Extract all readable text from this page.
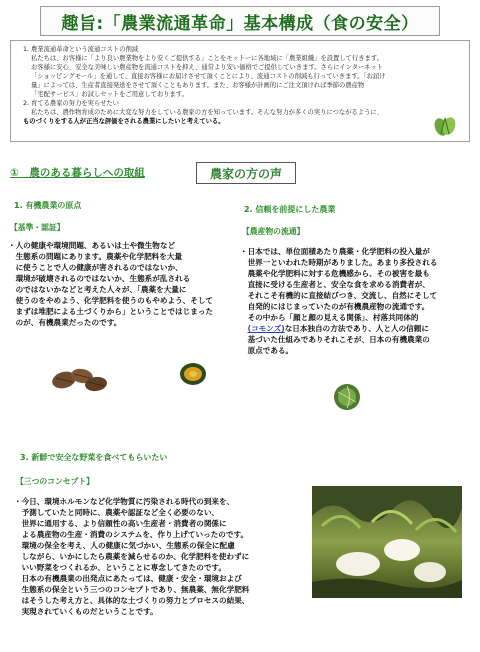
趣旨:「農業流通革命」基本構成（食の安全）

1. 農業流通革命という流通コストの削減

私たちは、お客様に「より良い農業物をより安くご提供する」ことをモットーに各地域に「農業組織」を設置して行きます。

お客様に安心、安全な美味しい農産物を流通コストを抑え、通常より安い価格でご提供していきます。さらにインターネット

「ショッピングモール」を通して、直接お客様にお届けさせて頂くことにより、流通コストの削減も行っていきます。「お届け

量」によっては、生産者直接発送をさせて頂くこともあります。また、お客様が計画的にご注文頂ければ季節の農産物

「宅配サービス」お試しセットをご用意しております。

2. 育てる農家の努力を実らせたい

私たちは、農作物育成のために大変な努力をしている農家の方を知っています。そんな努力が多くの実りにつながるように、

ものづくりをする人が正当な評価をされる農業にしたいと考えている。

①　農のある暮らしへの取組	農家の方の声
1. 有機農業の原点
【基準・認証】
・人の健康や環境問題、あるいは土や微生物など
　生態系の問題にあります。農薬や化学肥料を大量
　に使うことで人の健康が害されるのではないか、
　環境が破壊されるのではないか、生態系が乱される
　のではないかなどと考えた人々が、「農薬を大量に
　使うのをやめよう、化学肥料を使うのもやめよう、そして
　まずは堆肥による土づくりから」ということではじまった
　のが、有機農業だったのです。
2. 信頼を前提にした農業
【農産物の流通】
・日本では、単位面積あたり農薬・化学肥料の投入量が
　世界一といわれた時期がありました。あまり多投される
　農薬や化学肥料に対する危機感から、その被害を最も
　直接に受ける生産者と、安全な食を求める消費者が、
　それこそ有機的に直接結びつき、交流し、自然にそして
　自発的にはじまっていたのが有機農産物の流通です。
　その中から「顔と顔の見える関係」、村落共同体的
　(コモンズ)な日本独自の方法であり、人と人の信頼に
　基づいた仕組みでありそれこそが、日本の有機農業の
　原点である。
3. 新鮮で安全な野菜を食べてもらいたい
【三つのコンセプト】
・今日、環境ホルモンなど化学物質に汚染される時代の到来を、
　予測していたと同時に、農薬や認証など全く必要のない、
　世界に通用する、より信頼性の高い生産者・消費者の関係に
　よる農産物の生産・消費のシステムを、作り上げていったのです。
　環境の保全を考え、人の健康に気づかい、生態系の保全に配慮
　しながら、いかにしたら農薬を減らせるのか、化学肥料を使わずに
　いい野菜をつくれるか、ということに専念してきたのです。
　日本の有機農業の出発点にあたっては、健康・安全・環境および
　生態系の保全という三つのコンセプトであり、無農薬、無化学肥料
　はそうした考え方と、具体的な土づくりの努力とプロセスの結果、
　実現されていくものだということです。
